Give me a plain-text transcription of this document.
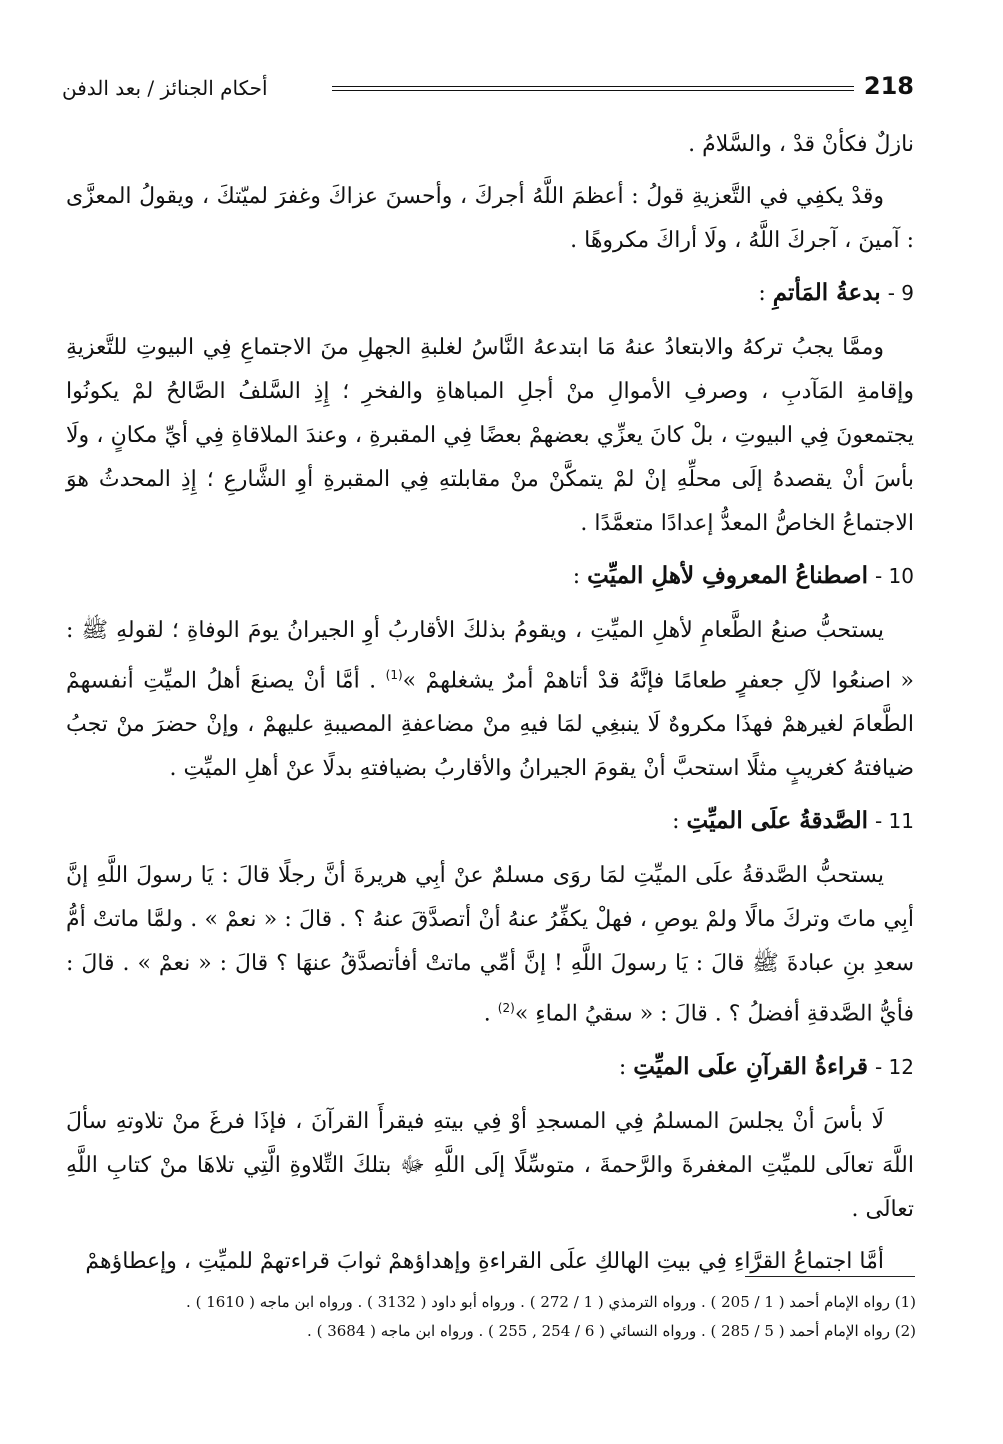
218
أحكام الجنائز / بعد الدفن

نازلٌ فكأنْ قدْ ، والسَّلامُ .

وقدْ يكفِي في التَّعزيةِ قولُ : أعظمَ اللَّهُ أجركَ ، وأحسنَ عزاكَ وغفرَ لميّتكَ ، ويقولُ المعزَّى : آمينَ ، آجركَ اللَّهُ ، ولَا أراكَ مكروهًا .

9 - بدعةُ المَأتمِ :

وممَّا يجبُ تركهُ والابتعادُ عنهُ مَا ابتدعهُ النَّاسُ لغلبةِ الجهلِ منَ الاجتماعِ فِي البيوتِ للتَّعزيةِ وإقامةِ المَآدبِ ، وصرفِ الأموالِ منْ أجلِ المباهاةِ والفخرِ ؛ إِذِ السَّلفُ الصَّالحُ لمْ يكونُوا يجتمعونَ فِي البيوتِ ، بلْ كانَ يعزِّي بعضهمْ بعضًا فِي المقبرةِ ، وعندَ الملاقاةِ فِي أيِّ مكانٍ ، ولَا بأسَ أنْ يقصدهُ إلَى محلِّهِ إنْ لمْ يتمكَّنْ منْ مقابلتهِ فِي المقبرةِ أوِ الشَّارعِ ؛ إِذِ المحدثُ هوَ الاجتماعُ الخاصُّ المعدُّ إعدادًا متعمَّدًا .

10 - اصطناعُ المعروفِ لأهلِ الميِّتِ :

يستحبُّ صنعُ الطَّعامِ لأهلِ الميِّتِ ، ويقومُ بذلكَ الأقاربُ أوِ الجيرانُ يومَ الوفاةِ ؛ لقولهِ ﷺ : « اصنعُوا لآلِ جعفرٍ طعامًا فإنَّهُ قدْ أتاهمْ أمرٌ يشغلهمْ »$^{(1)}$ . أمَّا أنْ يصنعَ أهلُ الميِّتِ أنفسهمْ الطَّعامَ لغيرهمْ فهذَا مكروهٌ لَا ينبغِي لمَا فيهِ منْ مضاعفةِ المصيبةِ عليهمْ ، وإنْ حضرَ منْ تجبُ ضيافتهُ كغريبٍ مثلًا استحبَّ أنْ يقومَ الجيرانُ والأقاربُ بضيافتهِ بدلًا عنْ أهلِ الميِّتِ .

11 - الصَّدقةُ علَى الميِّتِ :

يستحبُّ الصَّدقةُ علَى الميِّتِ لمَا روَى مسلمٌ عنْ أبِي هريرةَ أنَّ رجلًا قالَ : يَا رسولَ اللَّهِ إنَّ أبِي ماتَ وتركَ مالًا ولمْ يوصِ ، فهلْ يكفِّرُ عنهُ أنْ أتصدَّقَ عنهُ ؟ . قالَ : « نعمْ » . ولمَّا ماتتْ أمُّ سعدِ بنِ عبادةَ ﷺ قالَ : يَا رسولَ اللَّهِ ! إنَّ أمِّي ماتتْ أفأتصدَّقُ عنهَا ؟ قالَ : « نعمْ » . قالَ : فأيُّ الصَّدقةِ أفضلُ ؟ . قالَ : « سقيُ الماءِ »$^{(2)}$ .

12 - قراءةُ القرآنِ علَى الميِّتِ :

لَا بأسَ أنْ يجلسَ المسلمُ فِي المسجدِ أوْ فِي بيتهِ فيقرأَ القرآنَ ، فإذَا فرغَ منْ تلاوتهِ سألَ اللَّهَ تعالَى للميِّتِ المغفرةَ والرَّحمةَ ، متوسِّلًا إلَى اللَّهِ ﷻ بتلكَ التِّلاوةِ الَّتِي تلاهَا منْ كتابِ اللَّهِ تعالَى .

أمَّا اجتماعُ القرَّاءِ فِي بيتِ الهالكِ علَى القراءةِ وإهداؤهمْ ثوابَ قراءتهمْ للميِّتِ ، وإعطاؤهمْ

(1) رواه الإمام أحمد ( 1 / 205 ) . ورواه الترمذي ( 1 / 272 ) . ورواه أبو داود ( 3132 ) . ورواه ابن ماجه ( 1610 ) .
(2) رواه الإمام أحمد ( 5 / 285 ) . ورواه النسائي ( 6 / 254 , 255 ) . ورواه ابن ماجه ( 3684 ) .
